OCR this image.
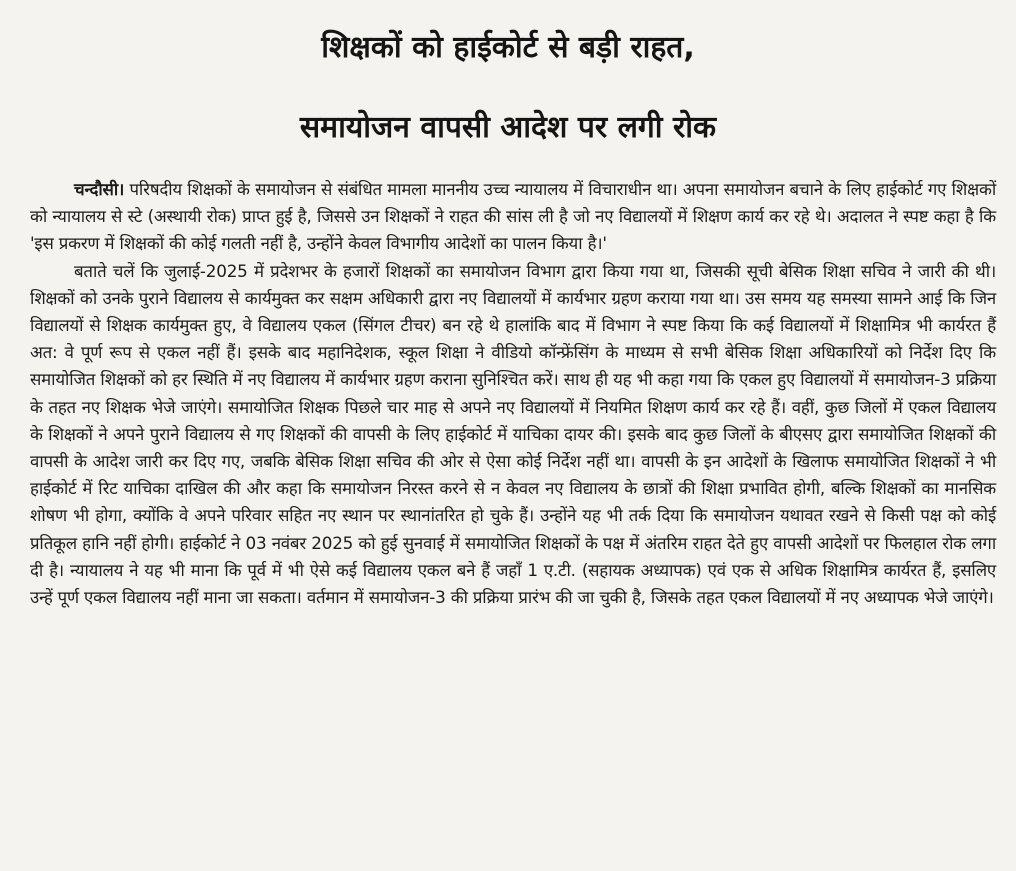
शिक्षकों को हाईकोर्ट से बड़ी राहत,
समायोजन वापसी आदेश पर लगी रोक

चन्दौसी। परिषदीय शिक्षकों के समायोजन से संबंधित मामला माननीय उच्च न्यायालय में विचाराधीन था। अपना समायोजन बचाने के लिए हाईकोर्ट गए शिक्षकों को न्यायालय से स्टे (अस्थायी रोक) प्राप्त हुई है, जिससे उन शिक्षकों ने राहत की सांस ली है जो नए विद्यालयों में शिक्षण कार्य कर रहे थे। अदालत ने स्पष्ट कहा है कि 'इस प्रकरण में शिक्षकों की कोई गलती नहीं है, उन्होंने केवल विभागीय आदेशों का पालन किया है।'

बताते चलें कि जुलाई-2025 में प्रदेशभर के हजारों शिक्षकों का समायोजन विभाग द्वारा किया गया था, जिसकी सूची बेसिक शिक्षा सचिव ने जारी की थी। शिक्षकों को उनके पुराने विद्यालय से कार्यमुक्त कर सक्षम अधिकारी द्वारा नए विद्यालयों में कार्यभार ग्रहण कराया गया था। उस समय यह समस्या सामने आई कि जिन विद्यालयों से शिक्षक कार्यमुक्त हुए, वे विद्यालय एकल (सिंगल टीचर) बन रहे थे हालांकि बाद में विभाग ने स्पष्ट किया कि कई विद्यालयों में शिक्षामित्र भी कार्यरत हैं अत: वे पूर्ण रूप से एकल नहीं हैं। इसके बाद महानिदेशक, स्कूल शिक्षा ने वीडियो कॉन्फ्रेंसिंग के माध्यम से सभी बेसिक शिक्षा अधिकारियों को निर्देश दिए कि समायोजित शिक्षकों को हर स्थिति में नए विद्यालय में कार्यभार ग्रहण कराना सुनिश्चित करें। साथ ही यह भी कहा गया कि एकल हुए विद्यालयों में समायोजन-3 प्रक्रिया के तहत नए शिक्षक भेजे जाएंगे। समायोजित शिक्षक पिछले चार माह से अपने नए विद्यालयों में नियमित शिक्षण कार्य कर रहे हैं। वहीं, कुछ जिलों में एकल विद्यालय के शिक्षकों ने अपने पुराने विद्यालय से गए शिक्षकों की वापसी के लिए हाईकोर्ट में याचिका दायर की। इसके बाद कुछ जिलों के बीएसए द्वारा समायोजित शिक्षकों की वापसी के आदेश जारी कर दिए गए, जबकि बेसिक शिक्षा सचिव की ओर से ऐसा कोई निर्देश नहीं था। वापसी के इन आदेशों के खिलाफ समायोजित शिक्षकों ने भी हाईकोर्ट में रिट याचिका दाखिल की और कहा कि समायोजन निरस्त करने से न केवल नए विद्यालय के छात्रों की शिक्षा प्रभावित होगी, बल्कि शिक्षकों का मानसिक शोषण भी होगा, क्योंकि वे अपने परिवार सहित नए स्थान पर स्थानांतरित हो चुके हैं। उन्होंने यह भी तर्क दिया कि समायोजन यथावत रखने से किसी पक्ष को कोई प्रतिकूल हानि नहीं होगी। हाईकोर्ट ने 03 नवंबर 2025 को हुई सुनवाई में समायोजित शिक्षकों के पक्ष में अंतरिम राहत देते हुए वापसी आदेशों पर फिलहाल रोक लगा दी है। न्यायालय ने यह भी माना कि पूर्व में भी ऐसे कई विद्यालय एकल बने हैं जहाँ 1 ए.टी. (सहायक अध्यापक) एवं एक से अधिक शिक्षामित्र कार्यरत हैं, इसलिए उन्हें पूर्ण एकल विद्यालय नहीं माना जा सकता। वर्तमान में समायोजन-3 की प्रक्रिया प्रारंभ की जा चुकी है, जिसके तहत एकल विद्यालयों में नए अध्यापक भेजे जाएंगे।
